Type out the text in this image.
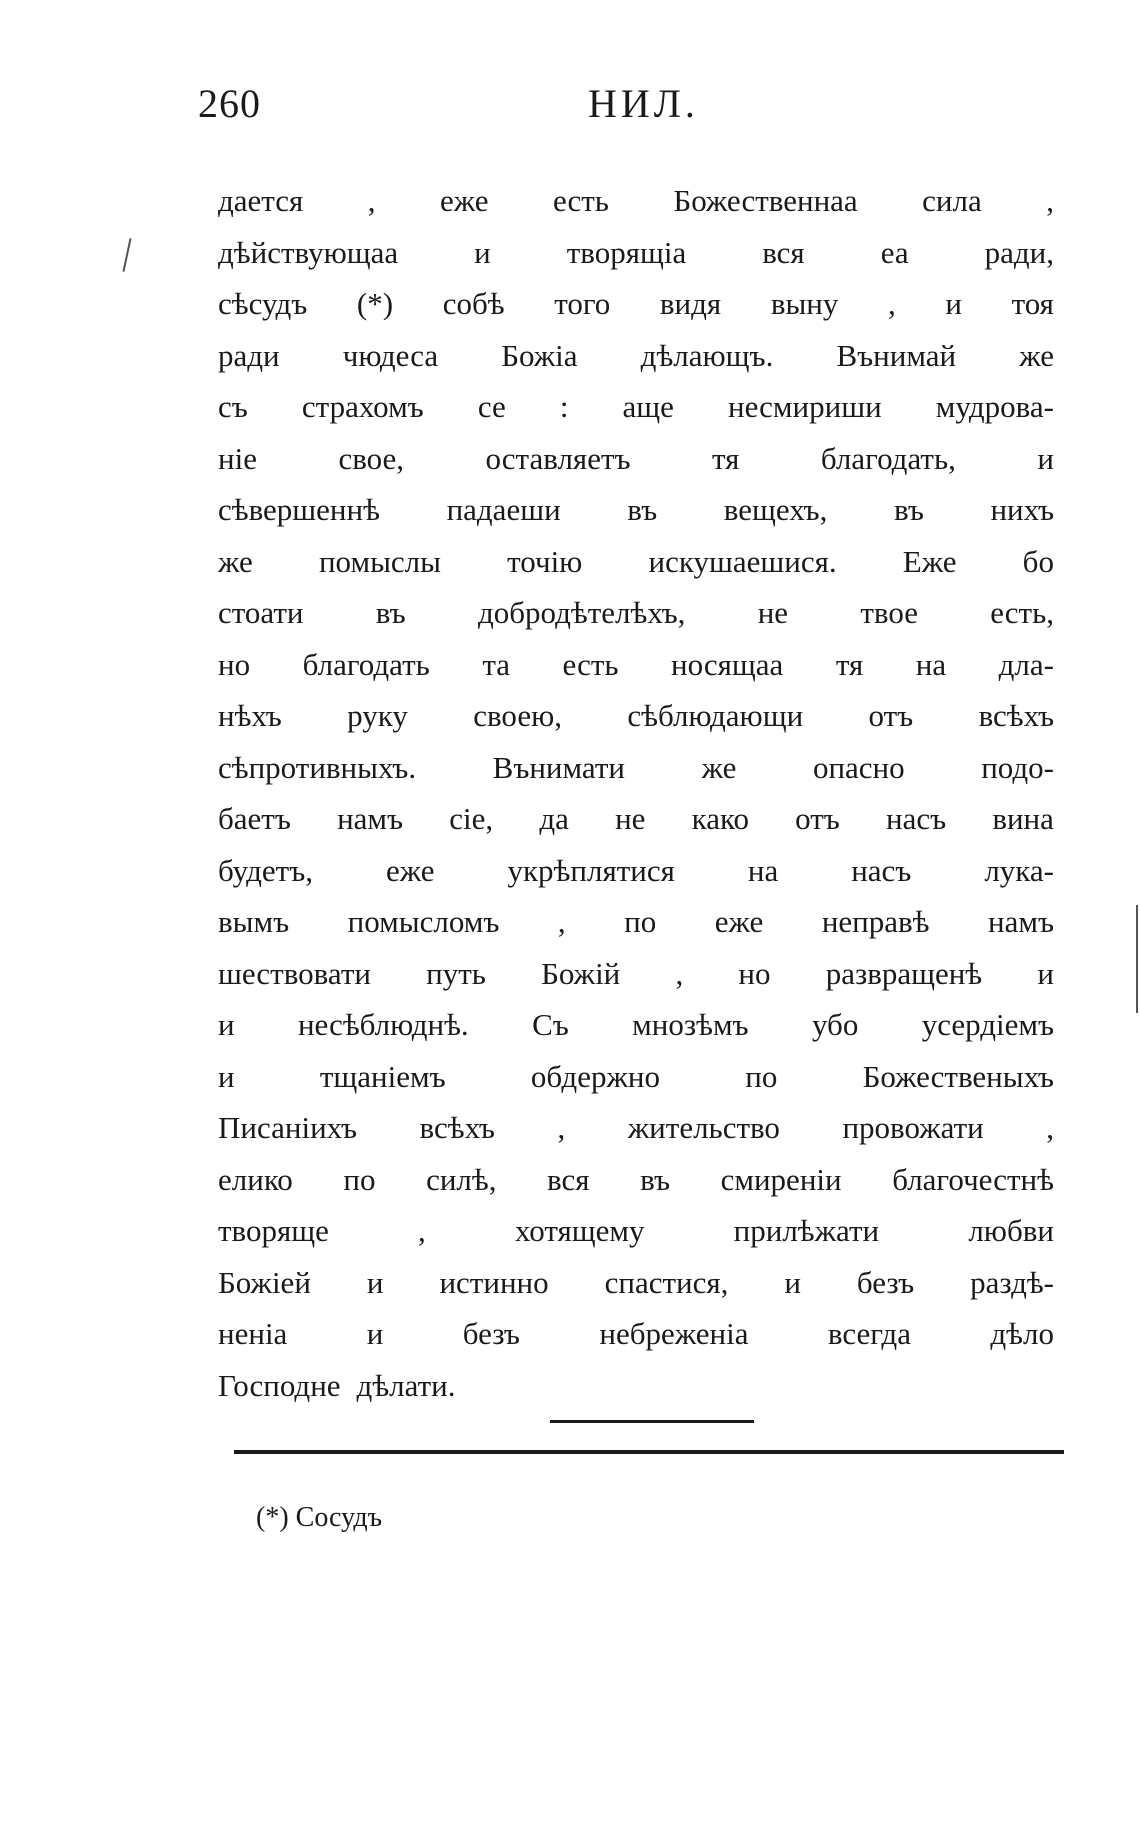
260	НИЛ.
дается , еже есть Божественнаа сила ,
дѣйствующаа и творящіа вся еа ради,
сѣсудъ (*) собѣ того видя выну , и тоя
ради чюдеса Божіа дѣлающъ. Вънимай же
съ страхомъ се : аще несмириши мудрова-
ніе	свое,	оставляетъ	тя	благодать,	и
сѣвершеннѣ падаеши въ вещехъ, въ нихъ
же помыслы точію искушаешися. Еже бо
стоати въ добродѣтелѣхъ, не твое есть,
но благодать та есть носящаа тя на дла-
нѣхъ руку своею, сѣблюдающи отъ всѣхъ
сѣпротивныхъ. Вънимати же опасно подо-
баетъ намъ сіе, да не како отъ насъ вина
будетъ, еже укрѣплятися на насъ лука-
вымъ помысломъ , по еже неправѣ намъ
шествовати путь Божій , но развращенѣ и
и несѣблюднѣ. Съ мнозѣмъ убо усердіемъ
и	тщаніемъ	обдержно	по	Божественыхъ
Писаніихъ всѣхъ , жительство провожати ,
елико по силѣ, вся въ смиреніи благочестнѣ
творяще	,	хотящему	прилѣжати	любви
Божіей и истинно спастися, и безъ раздѣ-
неніа	и	безъ	небреженіа	всегда	дѣло
Господне дѣлати.
(*) Сосудъ
